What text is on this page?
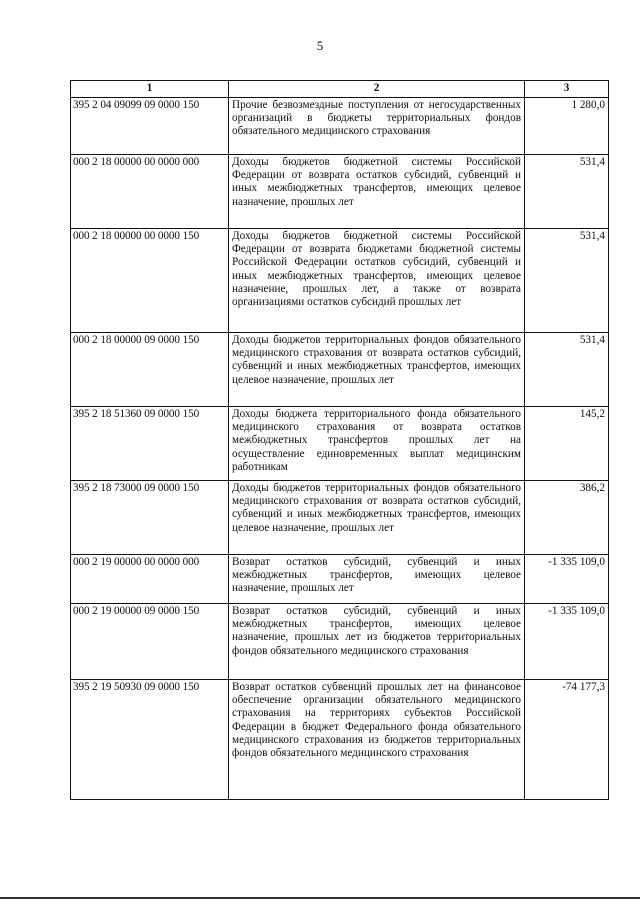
5
1	2	3
395 2 04 09099 09 0000 150	Прочие безвозмездные поступления от негосударственных организаций в бюджеты территориальных фондов обязательного медицинского страхования	1 280,0
000 2 18 00000 00 0000 000	Доходы бюджетов бюджетной системы Российской Федерации от возврата остатков субсидий, субвенций и иных межбюджетных трансфертов, имеющих целевое назначение, прошлых лет	531,4
000 2 18 00000 00 0000 150	Доходы бюджетов бюджетной системы Российской Федерации от возврата бюджетами бюджетной системы Российской Федерации остатков субсидий, субвенций и иных межбюджетных трансфертов, имеющих целевое назначение, прошлых лет, а также от возврата организациями остатков субсидий прошлых лет	531,4
000 2 18 00000 09 0000 150	Доходы бюджетов территориальных фондов обязательного медицинского страхования от возврата остатков субсидий, субвенций и иных межбюджетных трансфертов, имеющих целевое назначение, прошлых лет	531,4
395 2 18 51360 09 0000 150	Доходы бюджета территориального фонда обязательного медицинского страхования от возврата остатков межбюджетных трансфертов прошлых лет на осуществление единовременных выплат медицинским работникам	145,2
395 2 18 73000 09 0000 150	Доходы бюджетов территориальных фондов обязательного медицинского страхования от возврата остатков субсидий, субвенций и иных межбюджетных трансфертов, имеющих целевое назначение, прошлых лет	386,2
000 2 19 00000 00 0000 000	Возврат остатков субсидий, субвенций и иных межбюджетных трансфертов, имеющих целевое назначение, прошлых лет	-1 335 109,0
000 2 19 00000 09 0000 150	Возврат остатков субсидий, субвенций и иных межбюджетных трансфертов, имеющих целевое назначение, прошлых лет из бюджетов территориальных фондов обязательного медицинского страхования	-1 335 109,0
395 2 19 50930 09 0000 150	Возврат остатков субвенций прошлых лет на финансовое обеспечение организации обязательного медицинского страхования на территориях субъектов Российской Федерации в бюджет Федерального фонда обязательного медицинского страхования из бюджетов территориальных фондов обязательного медицинского страхования	-74 177,3
